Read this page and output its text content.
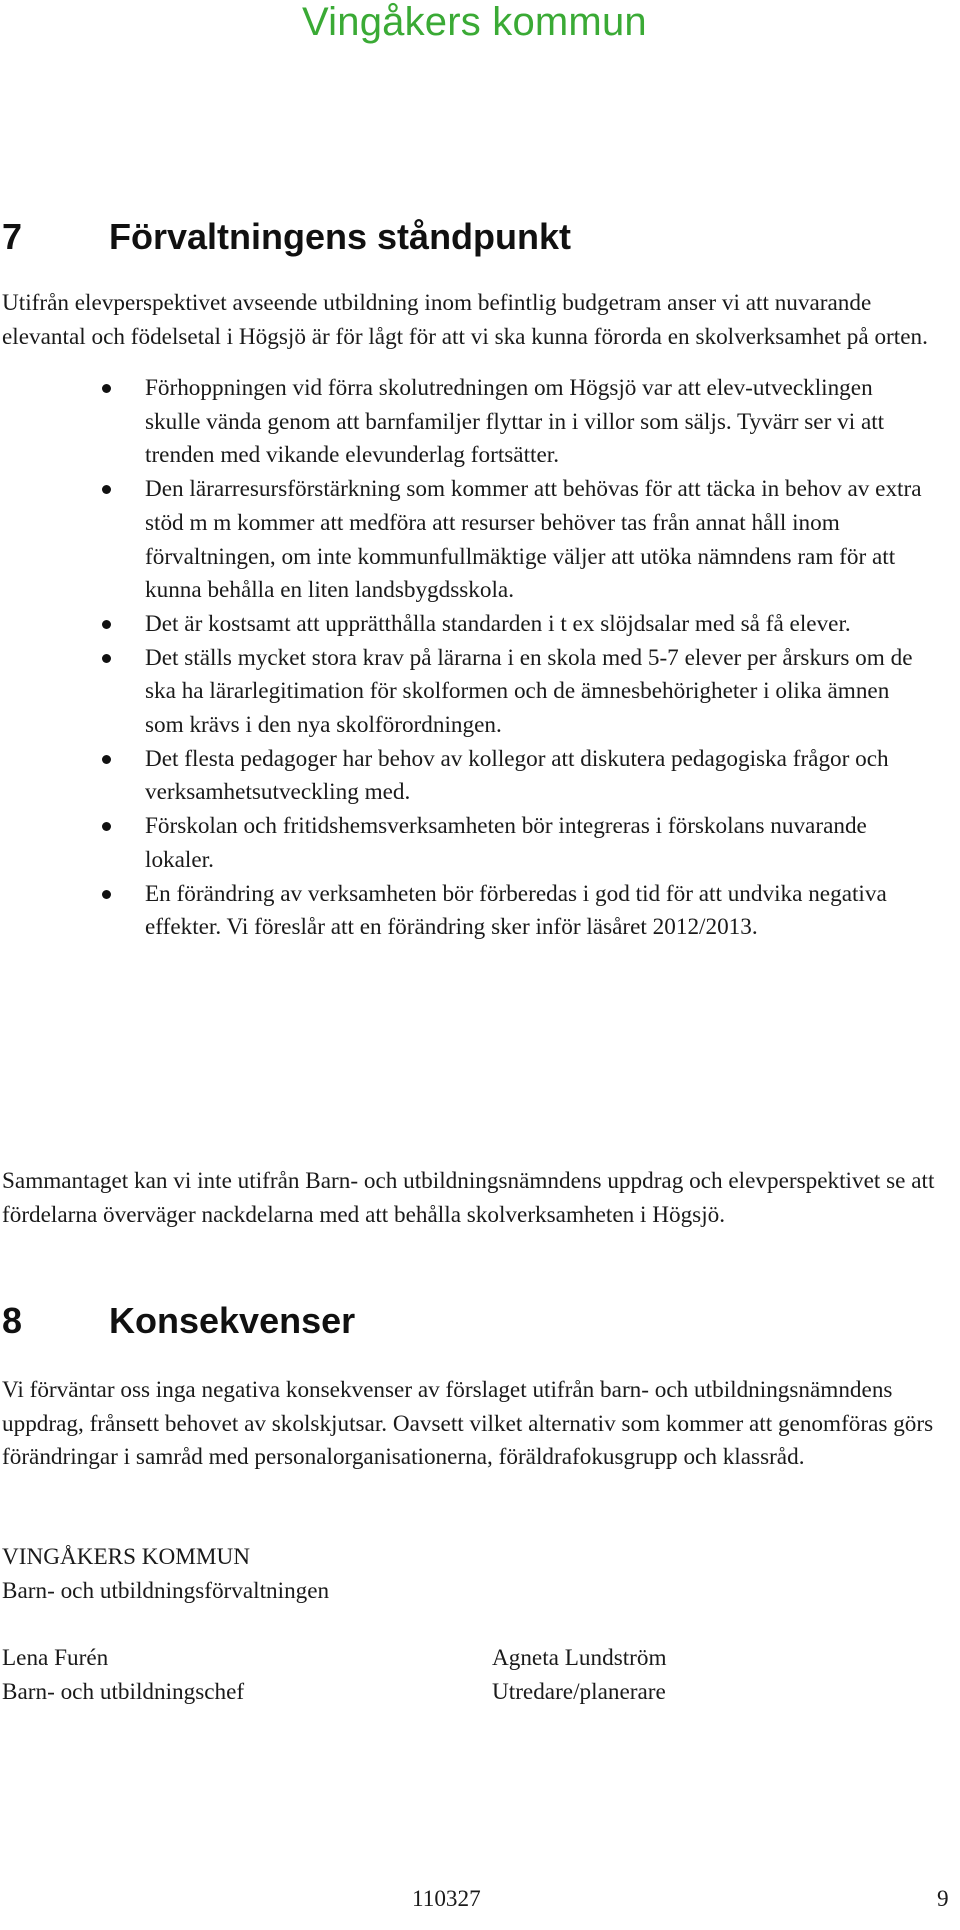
Vingåkers kommun
7 Förvaltningens ståndpunkt

Utifrån elevperspektivet avseende utbildning inom befintlig budgetram anser vi att nuvarande elevantal och födelsetal i Högsjö är för lågt för att vi ska kunna förorda en skolverksamhet på orten.

Förhoppningen vid förra skolutredningen om Högsjö var att elev-utvecklingen skulle vända genom att barnfamiljer flyttar in i villor som säljs. Tyvärr ser vi att trenden med vikande elevunderlag fortsätter.
Den lärarresursförstärkning som kommer att behövas för att täcka in behov av extra stöd m m kommer att medföra att resurser behöver tas från annat håll inom förvaltningen, om inte kommunfullmäktige väljer att utöka nämndens ram för att kunna behålla en liten landsbygdsskola.
Det är kostsamt att upprätthålla standarden i t ex slöjdsalar med så få elever.
Det ställs mycket stora krav på lärarna i en skola med 5-7 elever per årskurs om de ska ha lärarlegitimation för skolformen och de ämnesbehörigheter i olika ämnen som krävs i den nya skolförordningen.
Det flesta pedagoger har behov av kollegor att diskutera pedagogiska frågor och verksamhetsutveckling med.
Förskolan och fritidshemsverksamheten bör integreras i förskolans nuvarande lokaler.
En förändring av verksamheten bör förberedas i god tid för att undvika negativa effekter. Vi föreslår att en förändring sker inför läsåret 2012/2013.

Sammantaget kan vi inte utifrån Barn- och utbildningsnämndens uppdrag och elevperspektivet se att fördelarna överväger nackdelarna med att behålla skolverksamheten i Högsjö.

8 Konsekvenser

Vi förväntar oss inga negativa konsekvenser av förslaget utifrån barn- och utbildningsnämndens uppdrag, frånsett behovet av skolskjutsar. Oavsett vilket alternativ som kommer att genomföras görs förändringar i samråd med personalorganisationerna, föräldrafokusgrupp och klassråd.

VINGÅKERS KOMMUN
Barn- och utbildningsförvaltningen
Lena Furén
Barn- och utbildningschef
Agneta Lundström
Utredare/planerare
110327	9
